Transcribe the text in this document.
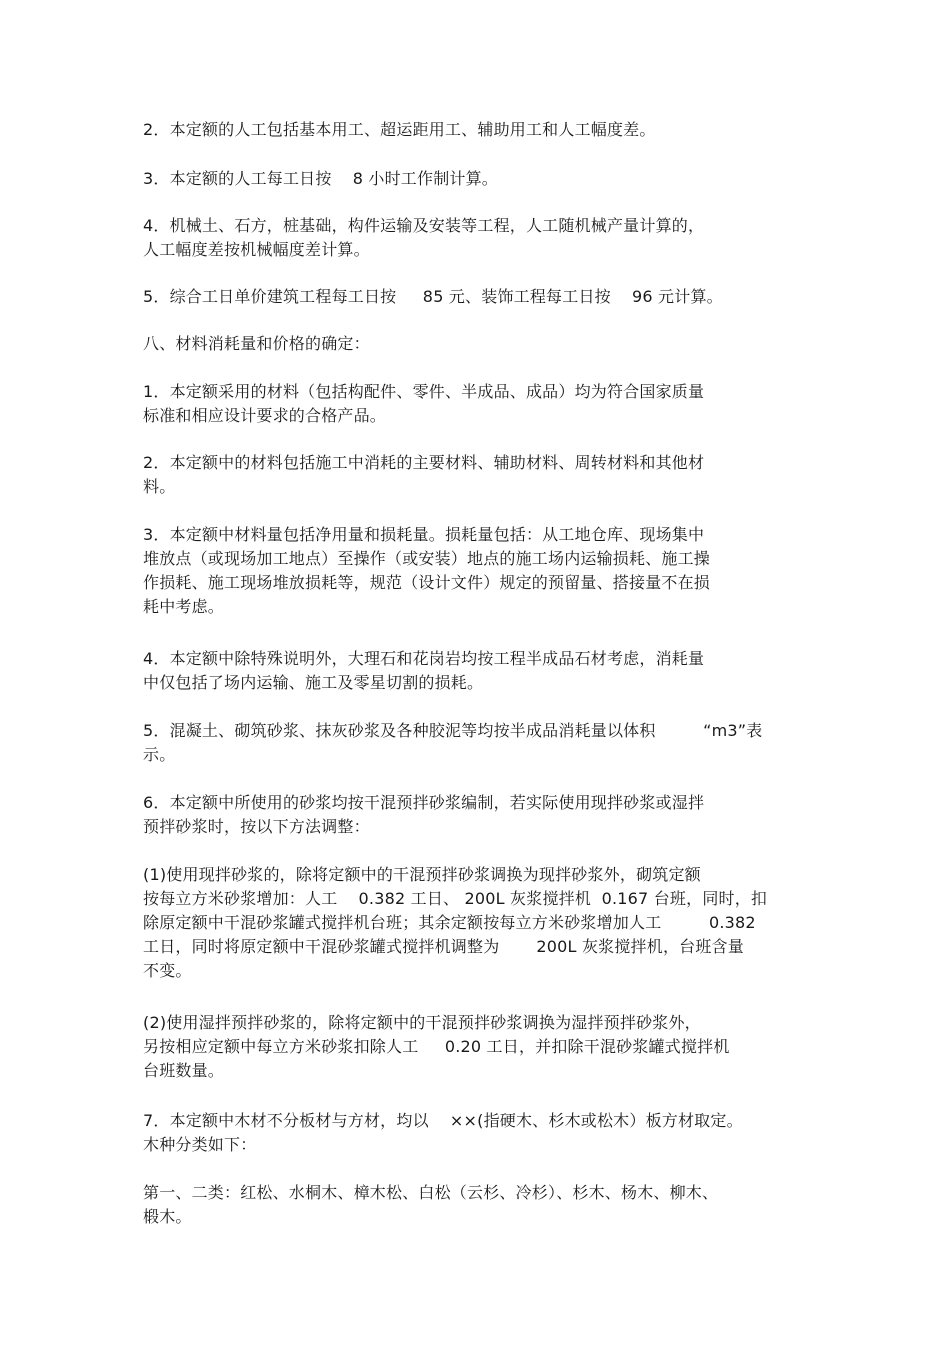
2．本定额的人工包括基本用工、超运距用工、辅助用工和人工幅度差。

3．本定额的人工每工日按    8 小时工作制计算。

4．机械土、石方，桩基础，构件运输及安装等工程，人工随机械产量计算的，
人工幅度差按机械幅度差计算。

5．综合工日单价建筑工程每工日按     85 元、装饰工程每工日按    96 元计算。

八、材料消耗量和价格的确定：

1．本定额采用的材料（包括构配件、零件、半成品、成品）均为符合国家质量
标准和相应设计要求的合格产品。

2．本定额中的材料包括施工中消耗的主要材料、辅助材料、周转材料和其他材
料。

3．本定额中材料量包括净用量和损耗量。损耗量包括：从工地仓库、现场集中
堆放点（或现场加工地点）至操作（或安装）地点的施工场内运输损耗、施工操
作损耗、施工现场堆放损耗等，规范（设计文件）规定的预留量、搭接量不在损
耗中考虑。

4．本定额中除特殊说明外，大理石和花岗岩均按工程半成品石材考虑，消耗量
中仅包括了场内运输、施工及零星切割的损耗。

5．混凝土、砌筑砂浆、抹灰砂浆及各种胶泥等均按半成品消耗量以体积         “m3”表
示。

6．本定额中所使用的砂浆均按干混预拌砂浆编制，若实际使用现拌砂浆或湿拌
预拌砂浆时，按以下方法调整：

(1)使用现拌砂浆的，除将定额中的干混预拌砂浆调换为现拌砂浆外，砌筑定额
按每立方米砂浆增加：人工    0.382 工日、 200L 灰浆搅拌机  0.167 台班，同时，扣
除原定额中干混砂浆罐式搅拌机台班；其余定额按每立方米砂浆增加人工         0.382
工日，同时将原定额中干混砂浆罐式搅拌机调整为       200L 灰浆搅拌机，台班含量
不变。

(2)使用湿拌预拌砂浆的，除将定额中的干混预拌砂浆调换为湿拌预拌砂浆外，
另按相应定额中每立方米砂浆扣除人工     0.20 工日，并扣除干混砂浆罐式搅拌机
台班数量。

7．本定额中木材不分板材与方材，均以    ××(指硬木、杉木或松木）板方材取定。
木种分类如下：

第一、二类：红松、水桐木、樟木松、白松（云杉、冷杉）、杉木、杨木、柳木、
椴木。
